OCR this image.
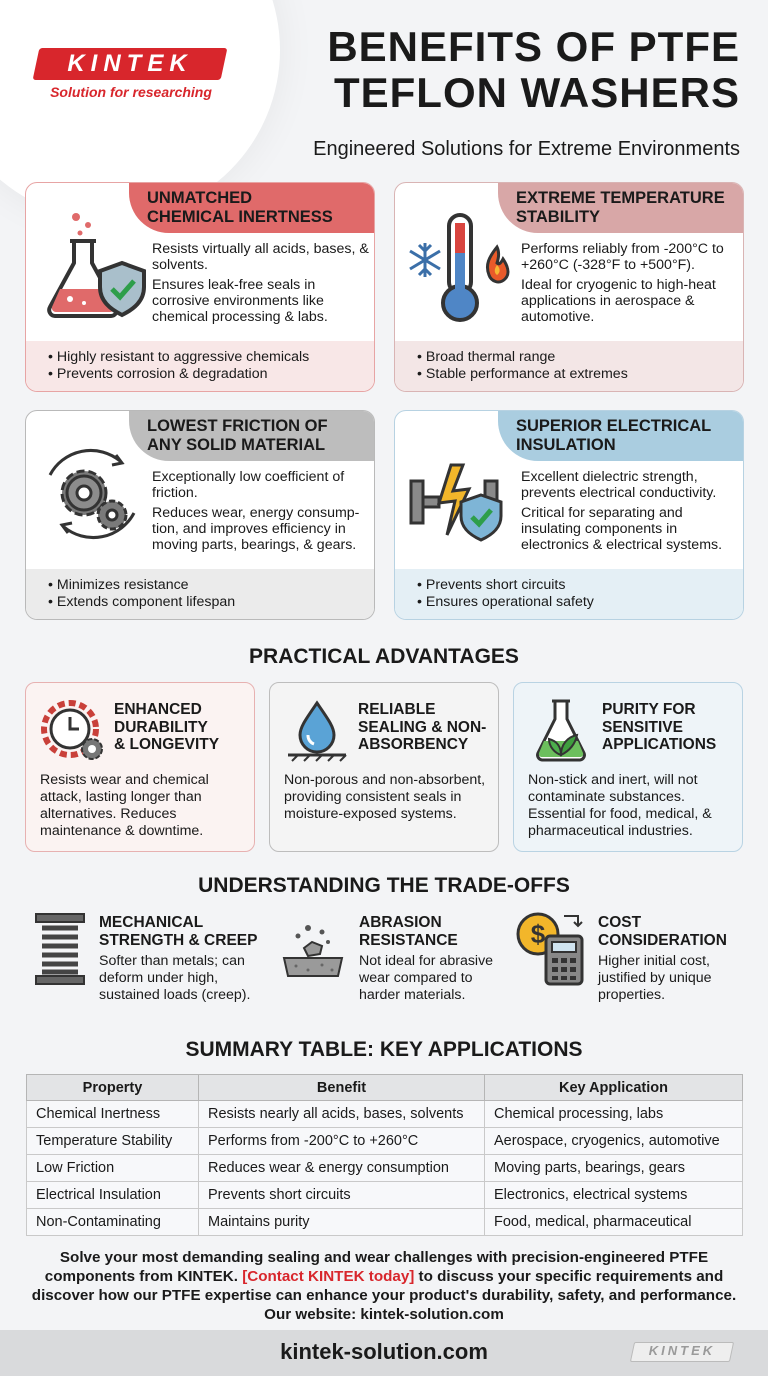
KINTEK
Solution for researching
BENEFITS OF PTFE
TEFLON WASHERS
Engineered Solutions for Extreme Environments
UNMATCHED
CHEMICAL INERTNESS

Resists virtually all acids, bases, & solvents.

Ensures leak-free seals in corrosive environments like chemical processing & labs.

• Highly resistant to aggressive chemicals
• Prevents corrosion & degradation
EXTREME TEMPERATURE
STABILITY

Performs reliably from -200°C to +260°C (-328°F to +500°F).

Ideal for cryogenic to high-heat applications in aerospace & automotive.

• Broad thermal range
• Stable performance at extremes
LOWEST FRICTION OF
ANY SOLID MATERIAL

Exceptionally low coefficient of friction.

Reduces wear, energy consump-tion, and improves efficiency in moving parts, bearings, & gears.

• Minimizes resistance
• Extends component lifespan
SUPERIOR ELECTRICAL
INSULATION

Excellent dielectric strength, prevents electrical conductivity.

Critical for separating and insulating components in electronics & electrical systems.

• Prevents short circuits
• Ensures operational safety
PRACTICAL ADVANTAGES
ENHANCED
DURABILITY
& LONGEVITY
Resists wear and chemical attack, lasting longer than alternatives. Reduces maintenance & downtime.
RELIABLE
SEALING & NON-
ABSORBENCY
Non-porous and non-absorbent, providing consistent seals in moisture-exposed systems.
PURITY FOR
SENSITIVE
APPLICATIONS
Non-stick and inert, will not contaminate substances. Essential for food, medical, & pharmaceutical industries.
UNDERSTANDING THE TRADE-OFFS
MECHANICAL
STRENGTH & CREEP
Softer than metals; can deform under high, sustained loads (creep).
ABRASION
RESISTANCE
Not ideal for abrasive wear compared to harder materials.
$	COST
CONSIDERATION
Higher initial cost, justified by unique properties.
SUMMARY TABLE: KEY APPLICATIONS
Property	Benefit	Key Application
Chemical Inertness	Resists nearly all acids, bases, solvents	Chemical processing, labs
Temperature Stability	Performs from -200°C to +260°C	Aerospace, cryogenics, automotive
Low Friction	Reduces wear & energy consumption	Moving parts, bearings, gears
Electrical Insulation	Prevents short circuits	Electronics, electrical systems
Non-Contaminating	Maintains purity	Food, medical, pharmaceutical
Solve your most demanding sealing and wear challenges with precision-engineered PTFE components from KINTEK. [Contact KINTEK today] to discuss your specific requirements and discover how our PTFE expertise can enhance your product's durability, safety, and performance.
Our website: kintek-solution.com
kintek-solution.com	KINTEK
